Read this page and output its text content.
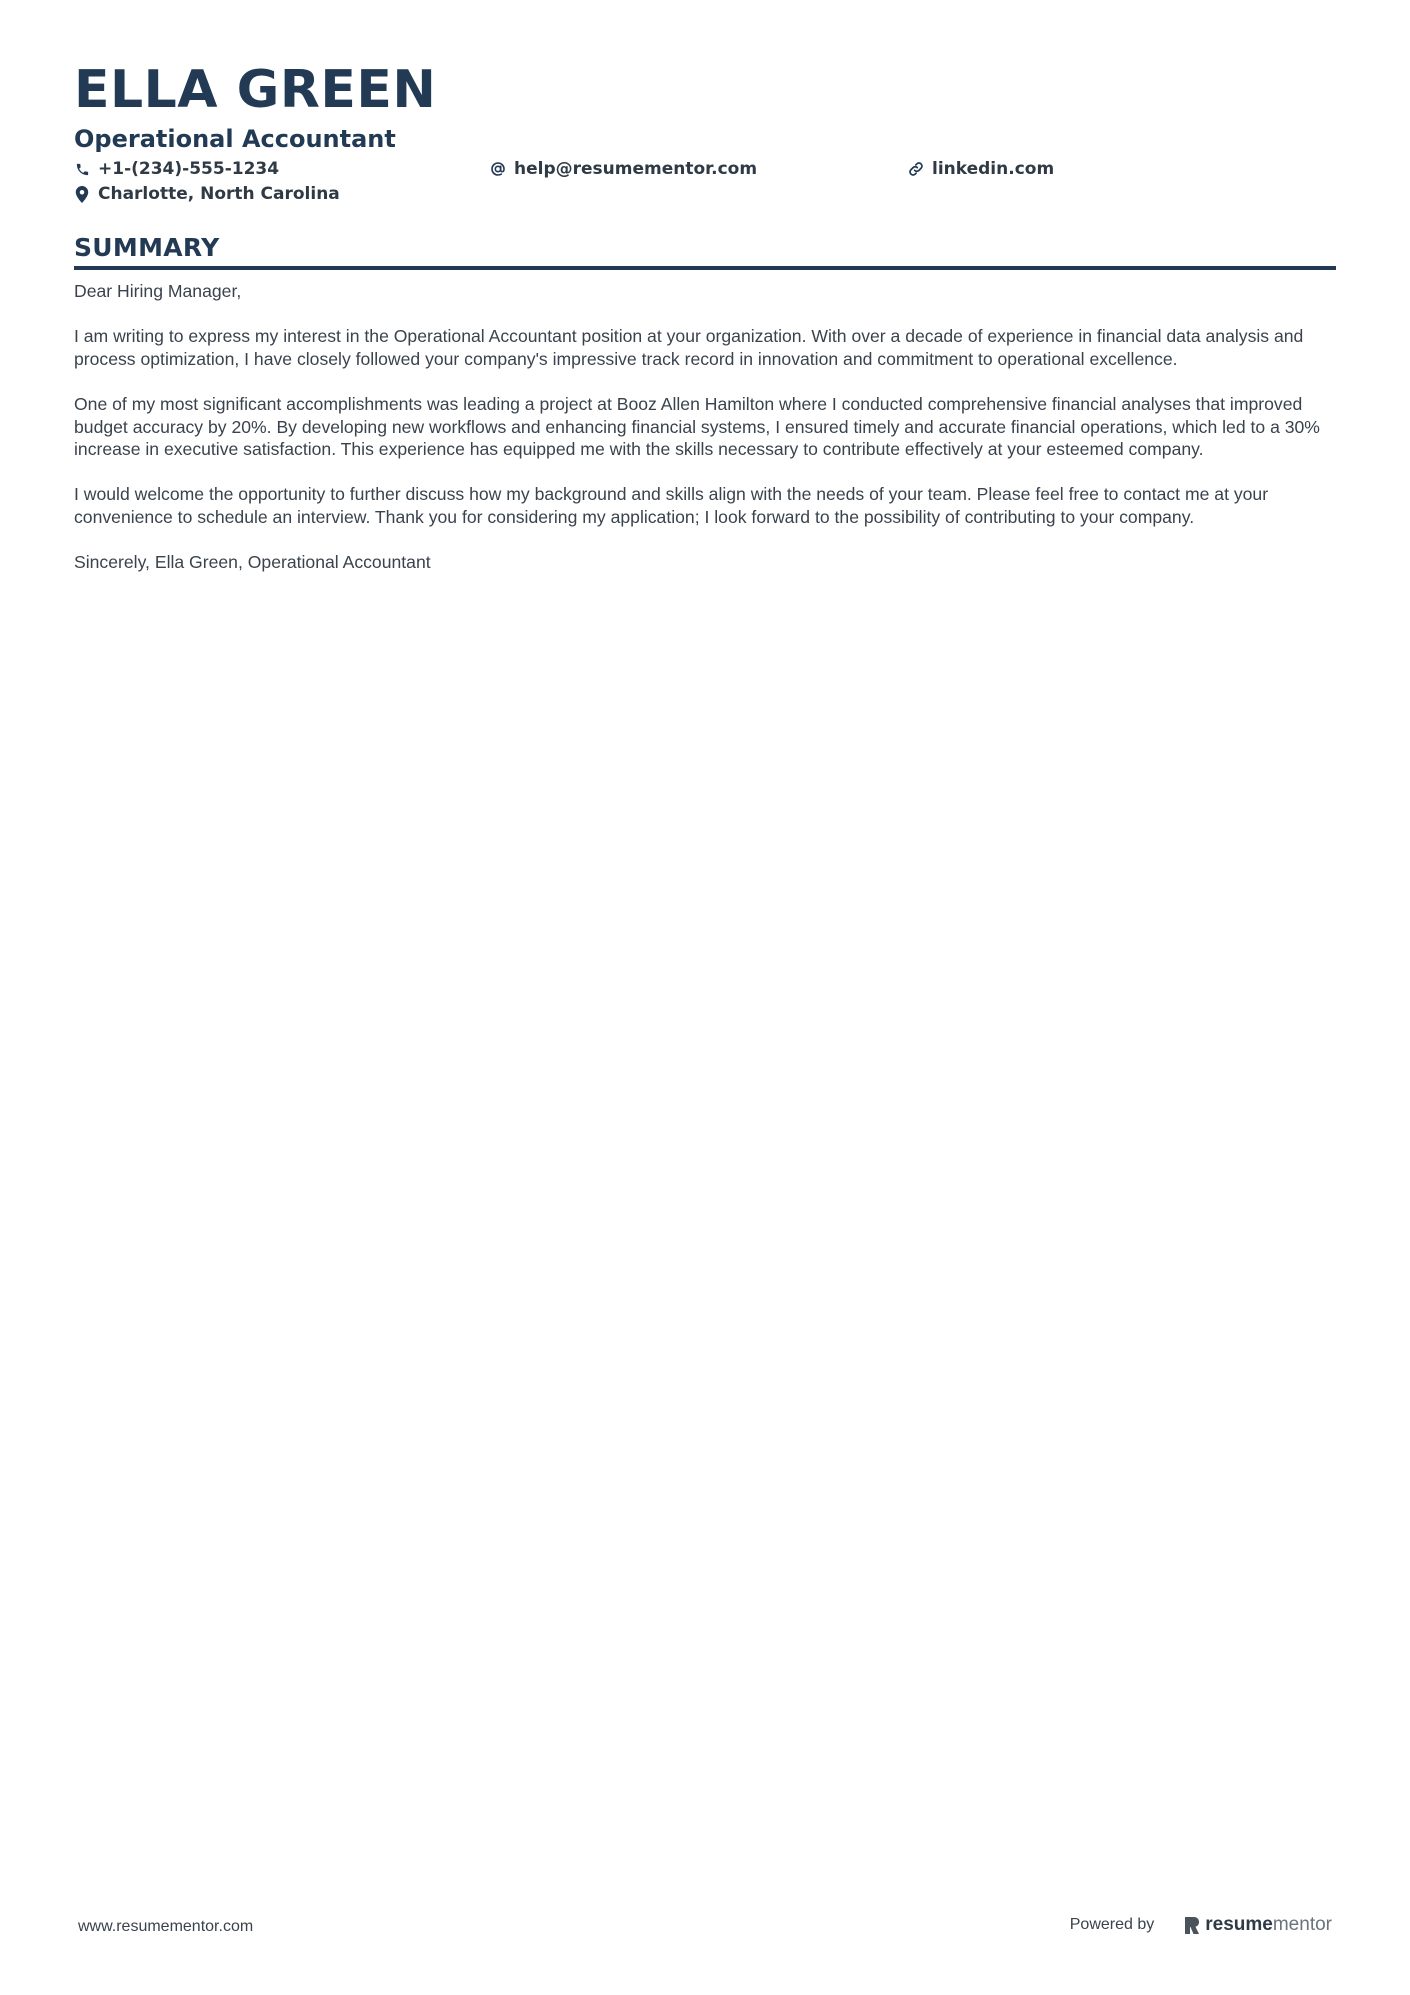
ELLA GREEN
Operational Accountant
+1-(234)-555-1234	help@resumementor.com	linkedin.com
Charlotte, North Carolina
SUMMARY

Dear Hiring Manager,

I am writing to express my interest in the Operational Accountant position at your organization. With over a decade of experience in financial data analysis and process optimization, I have closely followed your company's impressive track record in innovation and commitment to operational excellence.

One of my most significant accomplishments was leading a project at Booz Allen Hamilton where I conducted comprehensive financial analyses that improved budget accuracy by 20%. By developing new workflows and enhancing financial systems, I ensured timely and accurate financial operations, which led to a 30% increase in executive satisfaction. This experience has equipped me with the skills necessary to contribute effectively at your esteemed company.

I would welcome the opportunity to further discuss how my background and skills align with the needs of your team. Please feel free to contact me at your convenience to schedule an interview. Thank you for considering my application; I look forward to the possibility of contributing to your company.

Sincerely, Ella Green, Operational Accountant

www.resumementor.com	Powered by	resume mentor
